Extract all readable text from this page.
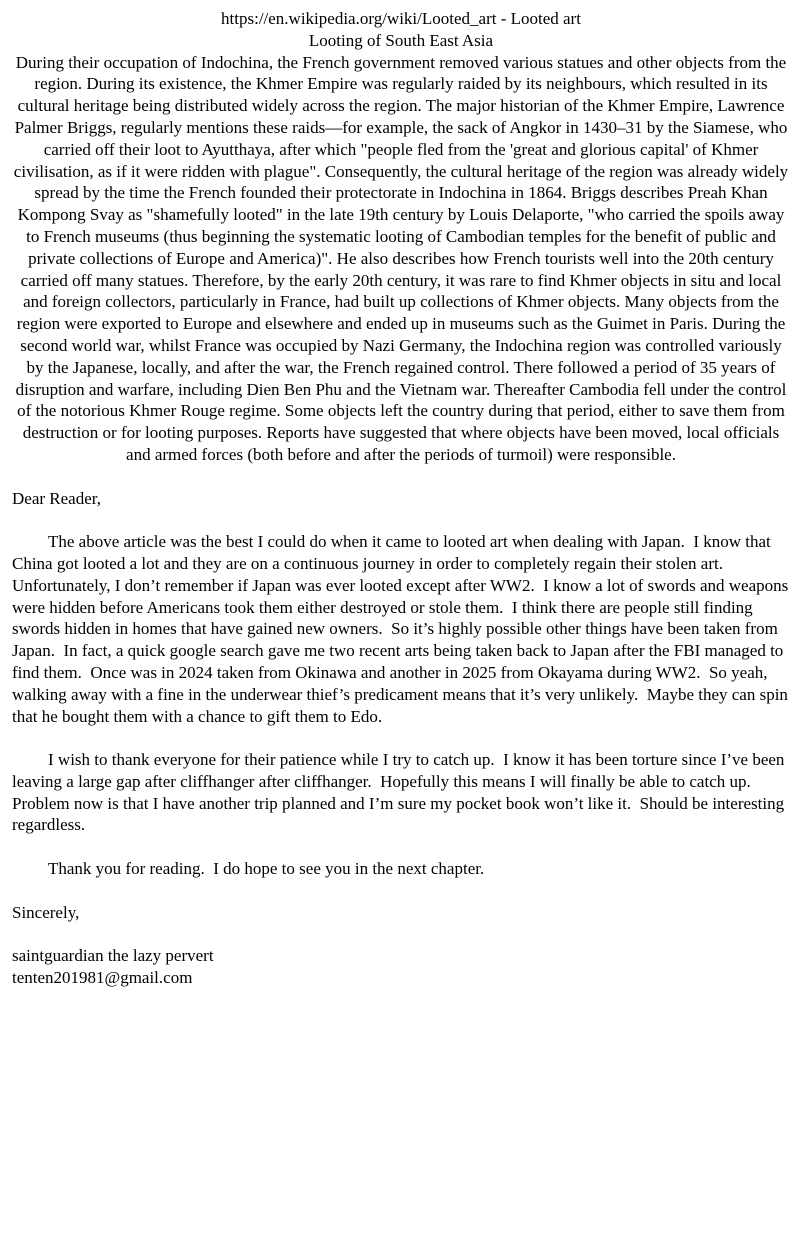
https://en.wikipedia.org/wiki/Looted_art - Looted art
Looting of South East Asia
During their occupation of Indochina, the French government removed various statues and other objects from the region. During its existence, the Khmer Empire was regularly raided by its neighbours, which resulted in its cultural heritage being distributed widely across the region. The major historian of the Khmer Empire, Lawrence Palmer Briggs, regularly mentions these raids—for example, the sack of Angkor in 1430–31 by the Siamese, who carried off their loot to Ayutthaya, after which "people fled from the 'great and glorious capital' of Khmer civilisation, as if it were ridden with plague". Consequently, the cultural heritage of the region was already widely spread by the time the French founded their protectorate in Indochina in 1864. Briggs describes Preah Khan Kompong Svay as "shamefully looted" in the late 19th century by Louis Delaporte, "who carried the spoils away to French museums (thus beginning the systematic looting of Cambodian temples for the benefit of public and private collections of Europe and America)". He also describes how French tourists well into the 20th century carried off many statues. Therefore, by the early 20th century, it was rare to find Khmer objects in situ and local and foreign collectors, particularly in France, had built up collections of Khmer objects. Many objects from the region were exported to Europe and elsewhere and ended up in museums such as the Guimet in Paris. During the second world war, whilst France was occupied by Nazi Germany, the Indochina region was controlled variously by the Japanese, locally, and after the war, the French regained control. There followed a period of 35 years of disruption and warfare, including Dien Ben Phu and the Vietnam war. Thereafter Cambodia fell under the control of the notorious Khmer Rouge regime. Some objects left the country during that period, either to save them from destruction or for looting purposes. Reports have suggested that where objects have been moved, local officials and armed forces (both before and after the periods of turmoil) were responsible.

Dear Reader,

The above article was the best I could do when it came to looted art when dealing with Japan.  I know that China got looted a lot and they are on a continuous journey in order to completely regain their stolen art.  Unfortunately, I don’t remember if Japan was ever looted except after WW2.  I know a lot of swords and weapons were hidden before Americans took them either destroyed or stole them.  I think there are people still finding swords hidden in homes that have gained new owners.  So it’s highly possible other things have been taken from Japan.  In fact, a quick google search gave me two recent arts being taken back to Japan after the FBI managed to find them.  Once was in 2024 taken from Okinawa and another in 2025 from Okayama during WW2.  So yeah, walking away with a fine in the underwear thief’s predicament means that it’s very unlikely.  Maybe they can spin that he bought them with a chance to gift them to Edo.

I wish to thank everyone for their patience while I try to catch up.  I know it has been torture since I’ve been leaving a large gap after cliffhanger after cliffhanger.  Hopefully this means I will finally be able to catch up.  Problem now is that I have another trip planned and I’m sure my pocket book won’t like it.  Should be interesting regardless.

Thank you for reading.  I do hope to see you in the next chapter.

Sincerely,

saintguardian the lazy pervert

tenten201981@gmail.com
